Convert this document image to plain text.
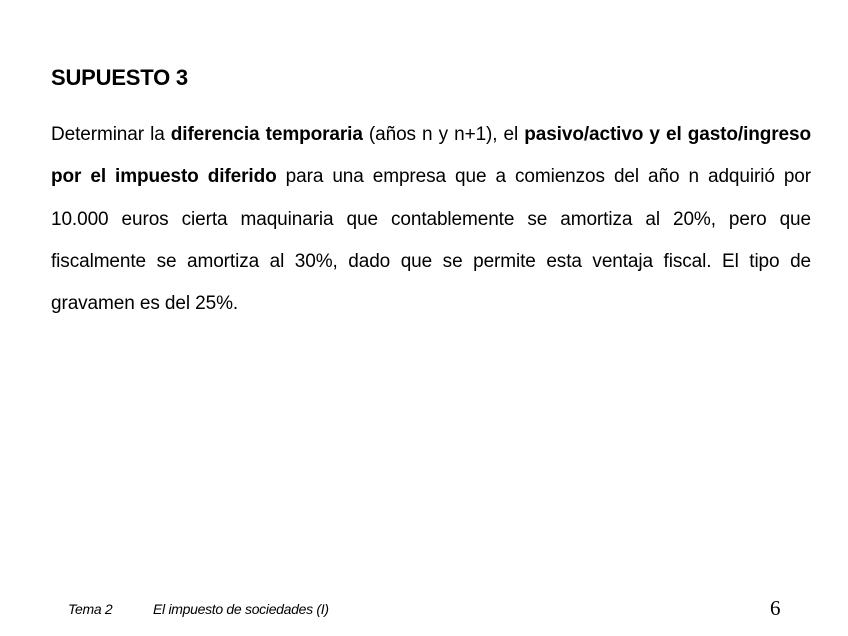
SUPUESTO 3
Determinar la diferencia temporaria (años n y n+1), el pasivo/activo y el gasto/ingreso por el impuesto diferido para una empresa que a comienzos del año n adquirió por 10.000 euros cierta maquinaria que contablemente se amortiza al 20%, pero que fiscalmente se amortiza al 30%, dado que se permite esta ventaja fiscal. El tipo de gravamen es del 25%.
Tema 2	El impuesto de sociedades (I)	6
